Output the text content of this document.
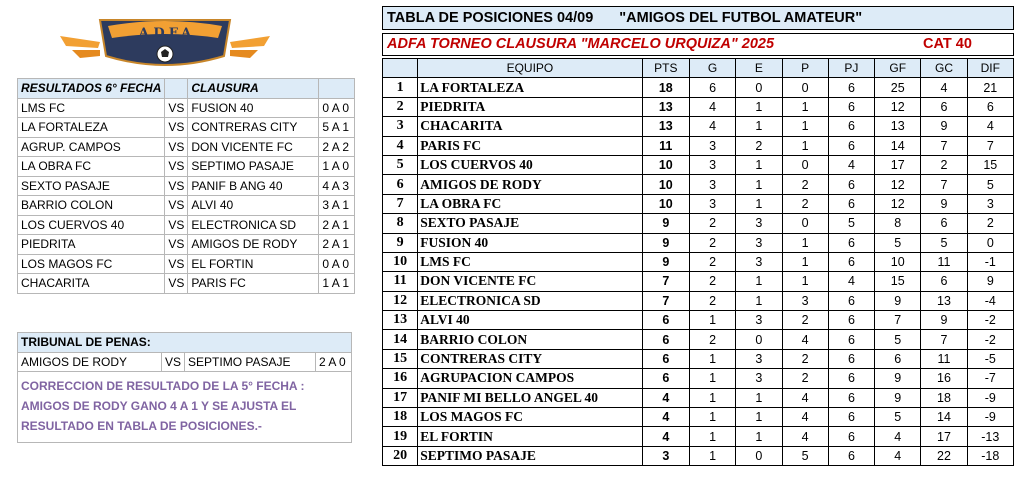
A.D.F.A
RESULTADOS 6° FECHA		CLAUSURA	
LMS FC	VS	FUSION 40	0 A 0
LA FORTALEZA	VS	CONTRERAS CITY	5 A 1
AGRUP. CAMPOS	VS	DON VICENTE FC	2 A 2
LA OBRA FC	VS	SEPTIMO PASAJE	1 A 0
SEXTO PASAJE	VS	PANIF B ANG 40	4 A 3
BARRIO COLON	VS	ALVI 40	3 A 1
LOS CUERVOS 40	VS	ELECTRONICA SD	2 A 1
PIEDRITA	VS	AMIGOS DE RODY	2 A 1
LOS MAGOS FC	VS	EL FORTIN	0 A 0
CHACARITA	VS	PARIS FC	1 A 1
TRIBUNAL DE PENAS:
AMIGOS DE RODY	VS	SEPTIMO PASAJE	2 A 0
CORRECCION DE RESULTADO DE LA 5° FECHA : AMIGOS DE RODY GANO 4 A 1 Y SE AJUSTA EL RESULTADO EN TABLA DE POSICIONES.-
TABLA DE POSICIONES 04/09 "AMIGOS DEL FUTBOL AMATEUR"
ADFA TORNEO CLAUSURA "MARCELO URQUIZA" 2025	CAT 40
	EQUIPO	PTS	G	E	P	PJ	GF	GC	DIF
1	LA FORTALEZA	18	6	0	0	6	25	4	21
2	PIEDRITA	13	4	1	1	6	12	6	6
3	CHACARITA	13	4	1	1	6	13	9	4
4	PARIS FC	11	3	2	1	6	14	7	7
5	LOS CUERVOS 40	10	3	1	0	4	17	2	15
6	AMIGOS DE RODY	10	3	1	2	6	12	7	5
7	LA OBRA FC	10	3	1	2	6	12	9	3
8	SEXTO PASAJE	9	2	3	0	5	8	6	2
9	FUSION 40	9	2	3	1	6	5	5	0
10	LMS FC	9	2	3	1	6	10	11	-1
11	DON VICENTE FC	7	2	1	1	4	15	6	9
12	ELECTRONICA SD	7	2	1	3	6	9	13	-4
13	ALVI 40	6	1	3	2	6	7	9	-2
14	BARRIO COLON	6	2	0	4	6	5	7	-2
15	CONTRERAS CITY	6	1	3	2	6	6	11	-5
16	AGRUPACION CAMPOS	6	1	3	2	6	9	16	-7
17	PANIF MI BELLO ANGEL 40	4	1	1	4	6	9	18	-9
18	LOS MAGOS FC	4	1	1	4	6	5	14	-9
19	EL FORTIN	4	1	1	4	6	4	17	-13
20	SEPTIMO PASAJE	3	1	0	5	6	4	22	-18
